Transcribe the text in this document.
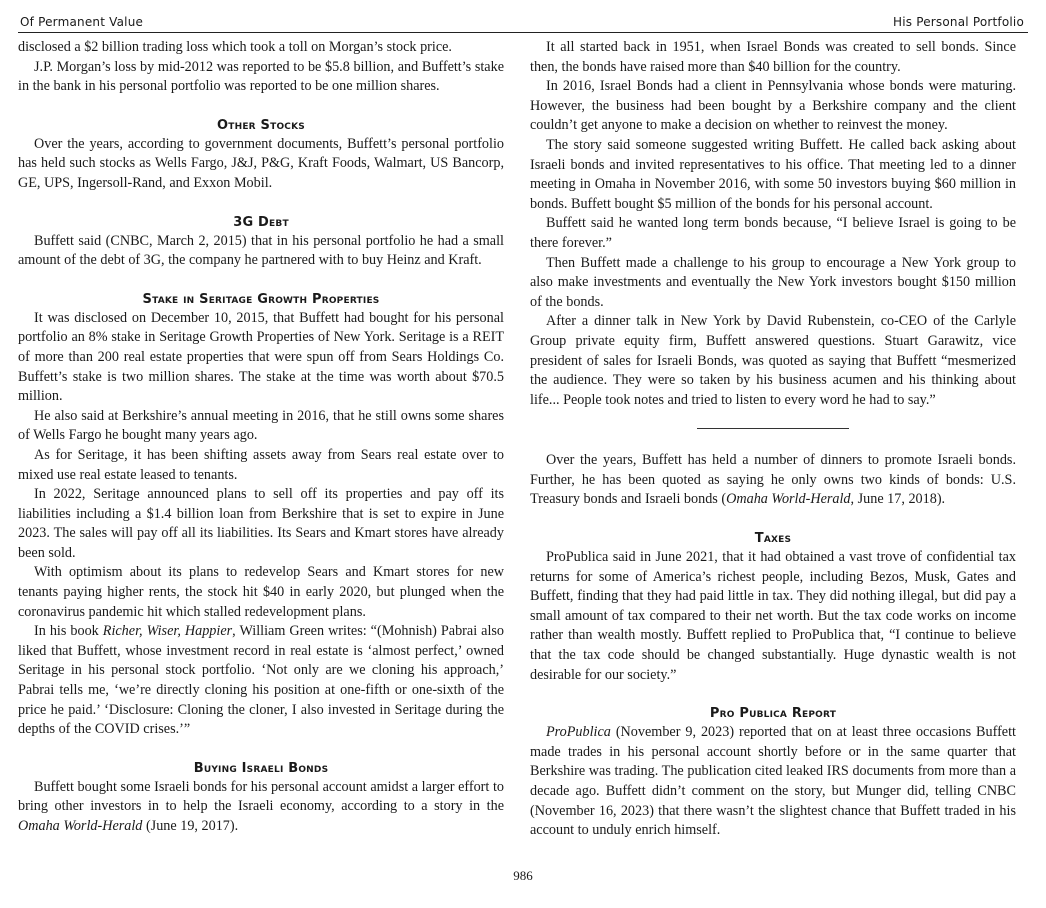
Of Permanent Value	His Personal Portfolio

disclosed a $2 billion trading loss which took a toll on Morgan’s stock price.

J.P. Morgan’s loss by mid-2012 was reported to be $5.8 billion, and Buffett’s stake in the bank in his personal portfolio was reported to be one million shares.

Other Stocks

Over the years, according to government documents, Buffett’s personal portfolio has held such stocks as Wells Fargo, J&J, P&G, Kraft Foods, Walmart, US Bancorp, GE, UPS, Ingersoll-Rand, and Exxon Mobil.

3G Debt

Buffett said (CNBC, March 2, 2015) that in his personal portfolio he had a small amount of the debt of 3G, the company he partnered with to buy Heinz and Kraft.

Stake in Seritage Growth Properties

It was disclosed on December 10, 2015, that Buffett had bought for his personal portfolio an 8% stake in Seritage Growth Properties of New York. Seritage is a REIT of more than 200 real estate properties that were spun off from Sears Holdings Co. Buffett’s stake is two million shares. The stake at the time was worth about $70.5 million.

He also said at Berkshire’s annual meeting in 2016, that he still owns some shares of Wells Fargo he bought many years ago.

As for Seritage, it has been shifting assets away from Sears real estate over to mixed use real estate leased to tenants.

In 2022, Seritage announced plans to sell off its properties and pay off its liabilities including a $1.4 billion loan from Berkshire that is set to expire in June 2023. The sales will pay off all its liabilities. Its Sears and Kmart stores have already been sold.

With optimism about its plans to redevelop Sears and Kmart stores for new tenants paying higher rents, the stock hit $40 in early 2020, but plunged when the coronavirus pandemic hit which stalled redevelopment plans.

In his book Richer, Wiser, Happier, William Green writes: “(Mohnish) Pabrai also liked that Buffett, whose investment record in real estate is ‘almost perfect,’ owned Seritage in his personal stock portfolio. ‘Not only are we cloning his approach,’ Pabrai tells me, ‘we’re directly cloning his position at one-fifth or one-sixth of the price he paid.’ ‘Disclosure: Cloning the cloner, I also invested in Seritage during the depths of the COVID crises.’”

Buying Israeli Bonds

Buffett bought some Israeli bonds for his personal account amidst a larger effort to bring other investors in to help the Israeli economy, according to a story in the Omaha World-Herald (June 19, 2017).

It all started back in 1951, when Israel Bonds was created to sell bonds. Since then, the bonds have raised more than $40 billion for the country.

In 2016, Israel Bonds had a client in Pennsylvania whose bonds were maturing. However, the business had been bought by a Berkshire company and the client couldn’t get anyone to make a decision on whether to reinvest the money.

The story said someone suggested writing Buffett. He called back asking about Israeli bonds and invited representatives to his office. That meeting led to a dinner meeting in Omaha in November 2016, with some 50 investors buying $60 million in bonds. Buffett bought $5 million of the bonds for his personal account.

Buffett said he wanted long term bonds because, “I believe Israel is going to be there forever.”

Then Buffett made a challenge to his group to encourage a New York group to also make investments and eventually the New York investors bought $150 million of the bonds.

After a dinner talk in New York by David Rubenstein, co-CEO of the Carlyle Group private equity firm, Buffett answered questions. Stuart Garawitz, vice president of sales for Israeli Bonds, was quoted as saying that Buffett “mesmerized the audience. They were so taken by his business acumen and his thinking about life... People took notes and tried to listen to every word he had to say.”

Over the years, Buffett has held a number of dinners to promote Israeli bonds. Further, he has been quoted as saying he only owns two kinds of bonds: U.S. Treasury bonds and Israeli bonds (Omaha World-Herald, June 17, 2018).

Taxes

ProPublica said in June 2021, that it had obtained a vast trove of confidential tax returns for some of America’s richest people, including Bezos, Musk, Gates and Buffett, finding that they had paid little in tax. They did nothing illegal, but did pay a small amount of tax compared to their net worth. But the tax code works on income rather than wealth mostly. Buffett replied to ProPublica that, “I continue to believe that the tax code should be changed substantially. Huge dynastic wealth is not desirable for our society.”

Pro Publica Report

ProPublica (November 9, 2023) reported that on at least three occasions Buffett made trades in his personal account shortly before or in the same quarter that Berkshire was trading. The publication cited leaked IRS documents from more than a decade ago. Buffett didn’t comment on the story, but Munger did, telling CNBC (November 16, 2023) that there wasn’t the slightest chance that Buffett traded in his account to unduly enrich himself.

986
